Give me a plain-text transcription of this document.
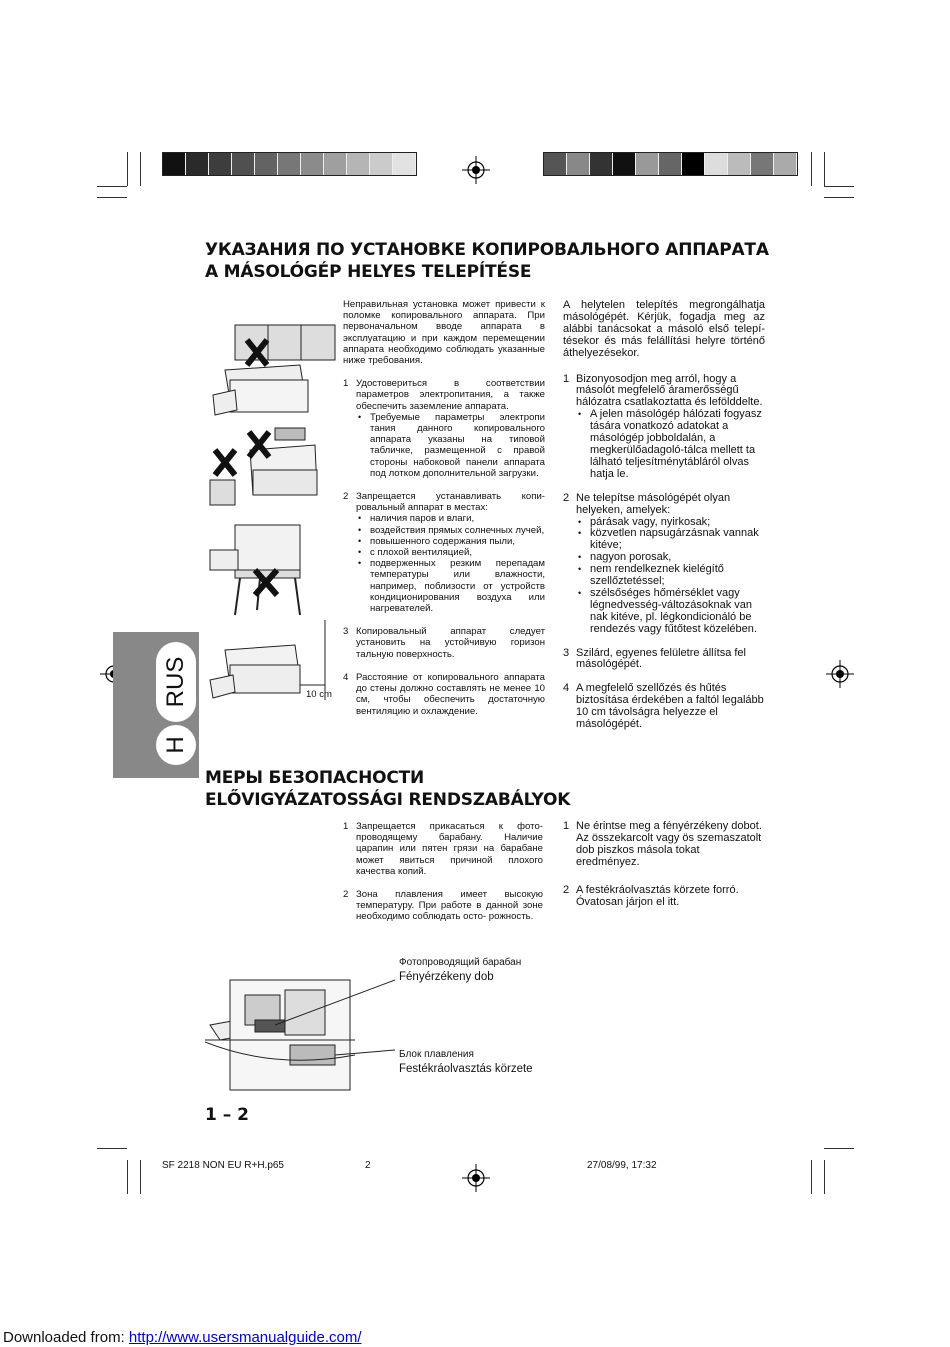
УКАЗАНИЯ ПО УСТАНОВКЕ КОПИРОВАЛЬНОГО АППАРАТА
A MÁSOLÓGÉP HELYES TELEPÍTÉSE
10 cm
H
RUS

Неправильная установка может привести к поломке копировального аппарата. При первоначальном вводе аппарата в эксплуатацию и при каждом перемещении аппарата необходимо соблюдать указанные ниже требования.

1 Удостовериться в соответствии параметров электропитания, а также обеспечить заземление аппарата.
• Требуемые параметры электропи тания данного копировального аппарата указаны на типовой табличке, размещенной с правой стороны набоковой панели аппарата под лотком дополнительной загрузки.
2 Запрещается устанавливать копи- ровальный аппарат в местах:
• наличия паров и влаги,
• воздействия прямых солнечных лучей,
• повышенного содержания пыли,
• с плохой вентиляцией,
• подверженных резким перепадам температуры или влажности, например, поблизости от устройств кондиционирования воздуха или нагревателей.
3 Копировальный аппарат следует установить на устойчивую горизон тальную поверхность.
4 Расстояние от копировального аппарата до стены должно составлять не менее 10 см, чтобы обеспечить достаточную вентиляцию и охлаждение.

A helytelen telepítés megrongálhatja másológépét. Kérjük, fogadja meg az alábbi tanácsokat a másoló első telepí- tésekor és más felállítási helyre történő áthelyezésekor.

1 Bizonyosodjon meg arról, hogy a másolót megfelelő áramerősségű hálózatra csatlakoztatta és lefölddelte.
• A jelen másológép hálózati fogyasz tására vonatkozó adatokat a másológép jobboldalán, a megkerülőadagoló-tálca mellett ta lálható teljesítménytábláról olvas hatja le.
2 Ne telepítse másológépét olyan helyeken, amelyek:
• párásak vagy, nyirkosak;
• közvetlen napsugárzásnak vannak kitéve;
• nagyon porosak,
• nem rendelkeznek kielégítő szellőztetéssel;
• szélsőséges hőmérséklet vagy légnedvesség-változásoknak van nak kitéve, pl. légkondicionáló be rendezés vagy fűtőtest közelében.
3 Szilárd, egyenes felületre állítsa fel másológépét.
4 A megfelelő szellőzés és hűtés biztosítása érdekében a faltól legalább 10 cm távolságra helyezze el másológépét.
МЕРЫ БЕЗОПАСНОСТИ
ELŐVIGYÁZATOSSÁGI RENDSZABÁLYOK
1 Запрещается прикасаться к фото- проводящему барабану. Наличие царапин или пятен грязи на барабане может явиться причиной плохого качества копий.
2 Зона плавления имеет высокую температуру. При работе в данной зоне необходимо соблюдать осто- рожность.
1 Ne érintse meg a fényérzékeny dobot. Az összekarcolt vagy ös szemaszatolt dob piszkos másola tokat eredményez.
2 A festékráolvasztás körzete forró. Óvatosan járjon el itt.
Фотопроводящий барабан
Fényérzékeny dob
Блок плавления
Festékráolvasztás körzete
1 – 2
SF 2218 NON EU R+H.p65	2	27/08/99, 17:32
Downloaded from: http://www.usersmanualguide.com/
